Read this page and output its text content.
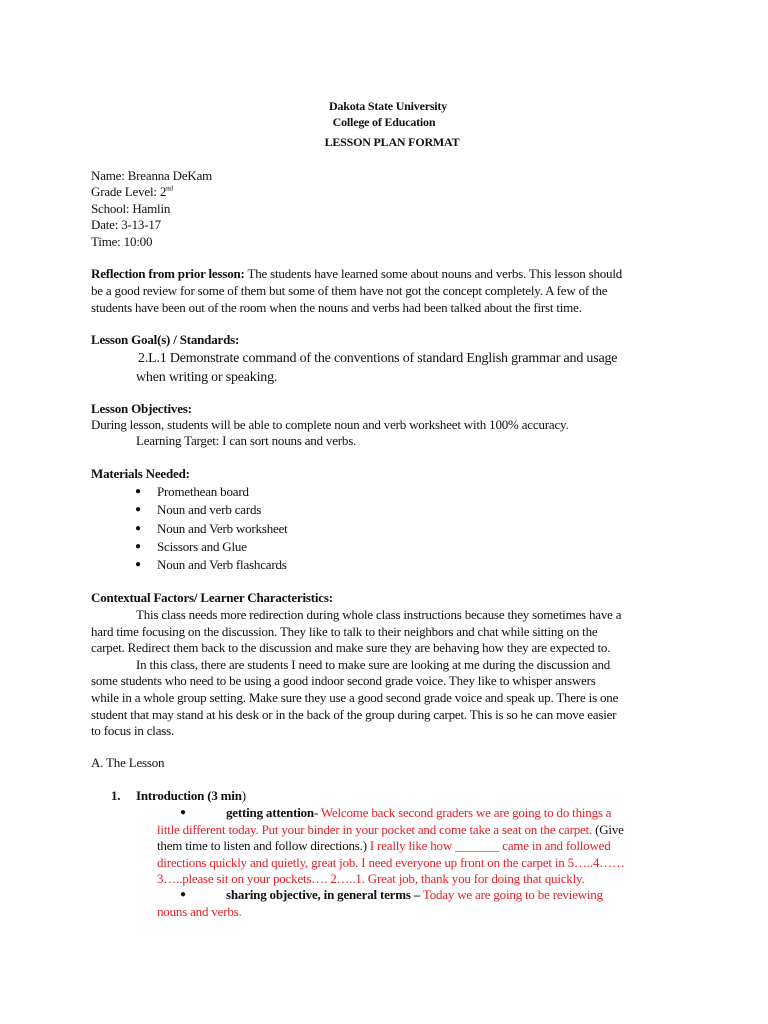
Dakota State University
College of Education
LESSON PLAN FORMAT
Name: Breanna DeKam
Grade Level: 2nd
School: Hamlin
Date: 3-13-17
Time: 10:00
Reflection from prior lesson: The students have learned some about nouns and verbs. This lesson should
be a good review for some of them but some of them have not got the concept completely. A few of the
students have been out of the room when the nouns and verbs had been talked about the first time.
Lesson Goal(s) / Standards:
2.L.1 Demonstrate command of the conventions of standard English grammar and usage
when writing or speaking.
Lesson Objectives:
During lesson, students will be able to complete noun and verb worksheet with 100% accuracy.
Learning Target: I can sort nouns and verbs.
Materials Needed:
● Promethean board
● Noun and verb cards
● Noun and Verb worksheet
● Scissors and Glue
● Noun and Verb flashcards
Contextual Factors/ Learner Characteristics:
This class needs more redirection during whole class instructions because they sometimes have a
hard time focusing on the discussion. They like to talk to their neighbors and chat while sitting on the
carpet. Redirect them back to the discussion and make sure they are behaving how they are expected to.
In this class, there are students I need to make sure are looking at me during the discussion and
some students who need to be using a good indoor second grade voice. They like to whisper answers
while in a whole group setting. Make sure they use a good second grade voice and speak up. There is one
student that may stand at his desk or in the back of the group during carpet. This is so he can move easier
to focus in class.
A. The Lesson
1. Introduction (3 min)
●	getting attention- Welcome back second graders we are going to do things a
little different today. Put your binder in your pocket and come take a seat on the carpet. (Give
them time to listen and follow directions.) I really like how _______ came in and followed
directions quickly and quietly, great job. I need everyone up front on the carpet in 5…..4……
3…..please sit on your pockets…. 2…..1. Great job, thank you for doing that quickly.
●	sharing objective, in general terms – Today we are going to be reviewing
nouns and verbs.
